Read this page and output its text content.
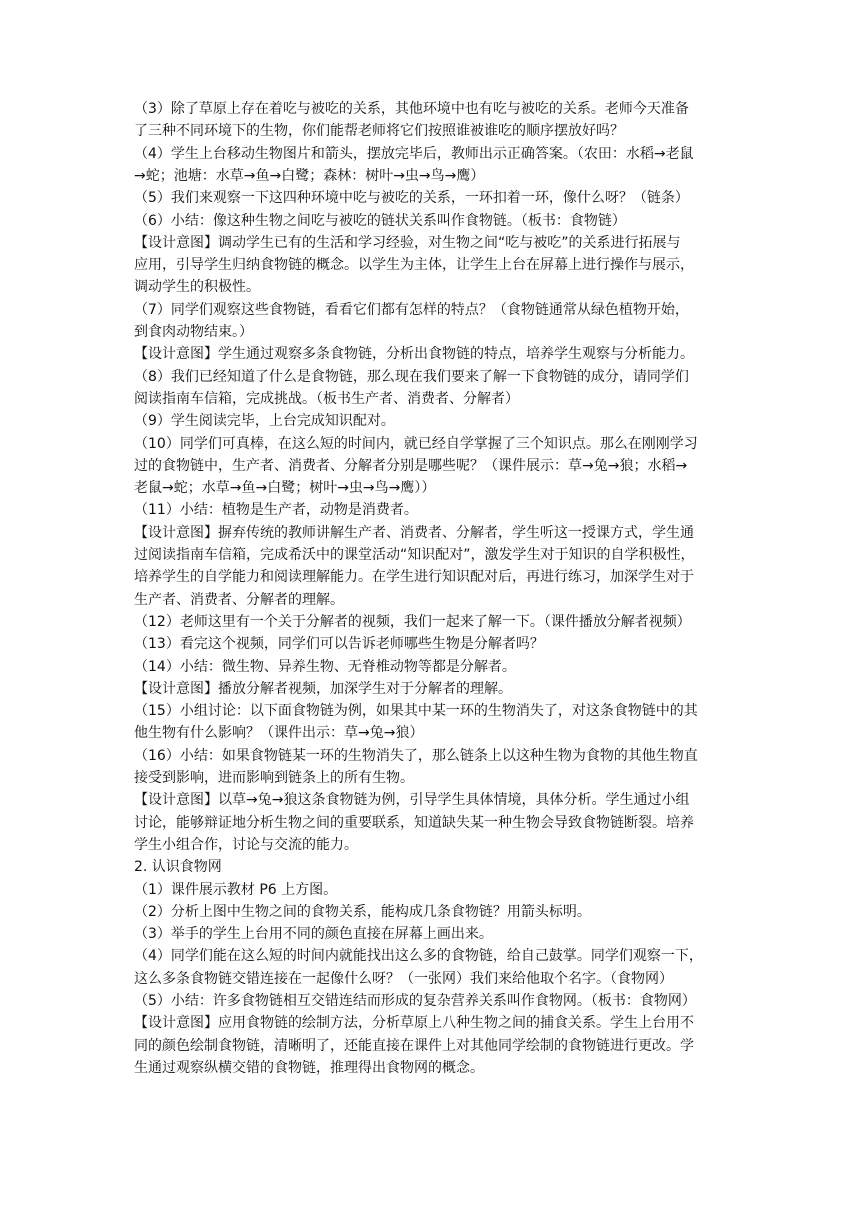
（3）除了草原上存在着吃与被吃的关系，其他环境中也有吃与被吃的关系。老师今天准备
了三种不同环境下的生物，你们能帮老师将它们按照谁被谁吃的顺序摆放好吗？
（4）学生上台移动生物图片和箭头，摆放完毕后，教师出示正确答案。（农田：水稻→老鼠
→蛇；池塘：水草→鱼→白鹭；森林：树叶→虫→鸟→鹰）
（5）我们来观察一下这四种环境中吃与被吃的关系，一环扣着一环，像什么呀？（链条）
（6）小结：像这种生物之间吃与被吃的链状关系叫作食物链。（板书：食物链）
【设计意图】调动学生已有的生活和学习经验，对生物之间“吃与被吃”的关系进行拓展与
应用，引导学生归纳食物链的概念。以学生为主体，让学生上台在屏幕上进行操作与展示，
调动学生的积极性。
（7）同学们观察这些食物链，看看它们都有怎样的特点？（食物链通常从绿色植物开始，
到食肉动物结束。）
【设计意图】学生通过观察多条食物链，分析出食物链的特点，培养学生观察与分析能力。
（8）我们已经知道了什么是食物链，那么现在我们要来了解一下食物链的成分，请同学们
阅读指南车信箱，完成挑战。（板书生产者、消费者、分解者）
（9）学生阅读完毕，上台完成知识配对。
（10）同学们可真棒，在这么短的时间内，就已经自学掌握了三个知识点。那么在刚刚学习
过的食物链中，生产者、消费者、分解者分别是哪些呢？（课件展示：草→兔→狼；水稻→
老鼠→蛇；水草→鱼→白鹭；树叶→虫→鸟→鹰））
（11）小结：植物是生产者，动物是消费者。
【设计意图】摒弃传统的教师讲解生产者、消费者、分解者，学生听这一授课方式，学生通
过阅读指南车信箱，完成希沃中的课堂活动“知识配对”，激发学生对于知识的自学积极性，
培养学生的自学能力和阅读理解能力。在学生进行知识配对后，再进行练习，加深学生对于
生产者、消费者、分解者的理解。
（12）老师这里有一个关于分解者的视频，我们一起来了解一下。（课件播放分解者视频）
（13）看完这个视频，同学们可以告诉老师哪些生物是分解者吗？
（14）小结：微生物、异养生物、无脊椎动物等都是分解者。
【设计意图】播放分解者视频，加深学生对于分解者的理解。
（15）小组讨论：以下面食物链为例，如果其中某一环的生物消失了，对这条食物链中的其
他生物有什么影响？（课件出示：草→兔→狼）
（16）小结：如果食物链某一环的生物消失了，那么链条上以这种生物为食物的其他生物直
接受到影响，进而影响到链条上的所有生物。
【设计意图】以草→兔→狼这条食物链为例，引导学生具体情境，具体分析。学生通过小组
讨论，能够辩证地分析生物之间的重要联系，知道缺失某一种生物会导致食物链断裂。培养
学生小组合作，讨论与交流的能力。
2. 认识食物网
（1）课件展示教材 P6 上方图。
（2）分析上图中生物之间的食物关系，能构成几条食物链？用箭头标明。
（3）举手的学生上台用不同的颜色直接在屏幕上画出来。
（4）同学们能在这么短的时间内就能找出这么多的食物链，给自己鼓掌。同学们观察一下，
这么多条食物链交错连接在一起像什么呀？（一张网）我们来给他取个名字。（食物网）
（5）小结：许多食物链相互交错连结而形成的复杂营养关系叫作食物网。（板书：食物网）
【设计意图】应用食物链的绘制方法，分析草原上八种生物之间的捕食关系。学生上台用不
同的颜色绘制食物链，清晰明了，还能直接在课件上对其他同学绘制的食物链进行更改。学
生通过观察纵横交错的食物链，推理得出食物网的概念。
